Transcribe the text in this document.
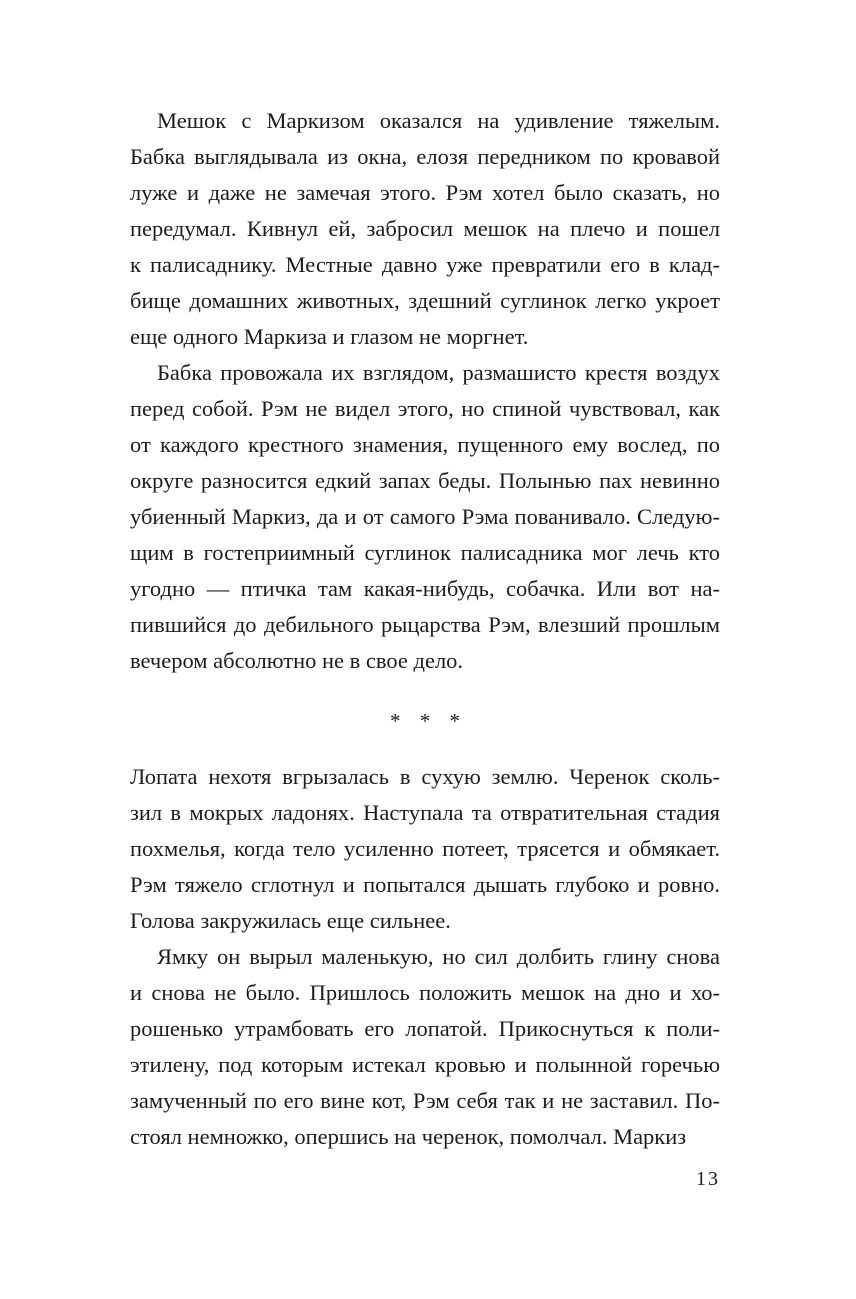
Мешок с Маркизом оказался на удивление тяжелым.
Бабка выглядывала из окна, елозя передником по кровавой
луже и даже не замечая этого. Рэм хотел было сказать, но
передумал. Кивнул ей, забросил мешок на плечо и пошел
к палисаднику. Местные давно уже превратили его в клад-
бище домашних животных, здешний суглинок легко укроет
еще одного Маркиза и глазом не моргнет.
Бабка провожала их взглядом, размашисто крестя воздух
перед собой. Рэм не видел этого, но спиной чувствовал, как
от каждого крестного знамения, пущенного ему вослед, по
округе разносится едкий запах беды. Полынью пах невинно
убиенный Маркиз, да и от самого Рэма пованивало. Следую-
щим в гостеприимный суглинок палисадника мог лечь кто
угодно — птичка там какая-нибудь, собачка. Или вот на-
пившийся до дебильного рыцарства Рэм, влезший прошлым
вечером абсолютно не в свое дело.
* * *
Лопата нехотя вгрызалась в сухую землю. Черенок сколь-
зил в мокрых ладонях. Наступала та отвратительная стадия
похмелья, когда тело усиленно потеет, трясется и обмякает.
Рэм тяжело сглотнул и попытался дышать глубоко и ровно.
Голова закружилась еще сильнее.
Ямку он вырыл маленькую, но сил долбить глину снова
и снова не было. Пришлось положить мешок на дно и хо-
рошенько утрамбовать его лопатой. Прикоснуться к поли-
этилену, под которым истекал кровью и полынной горечью
замученный по его вине кот, Рэм себя так и не заставил. По-
стоял немножко, опершись на черенок, помолчал. Маркиз
13
